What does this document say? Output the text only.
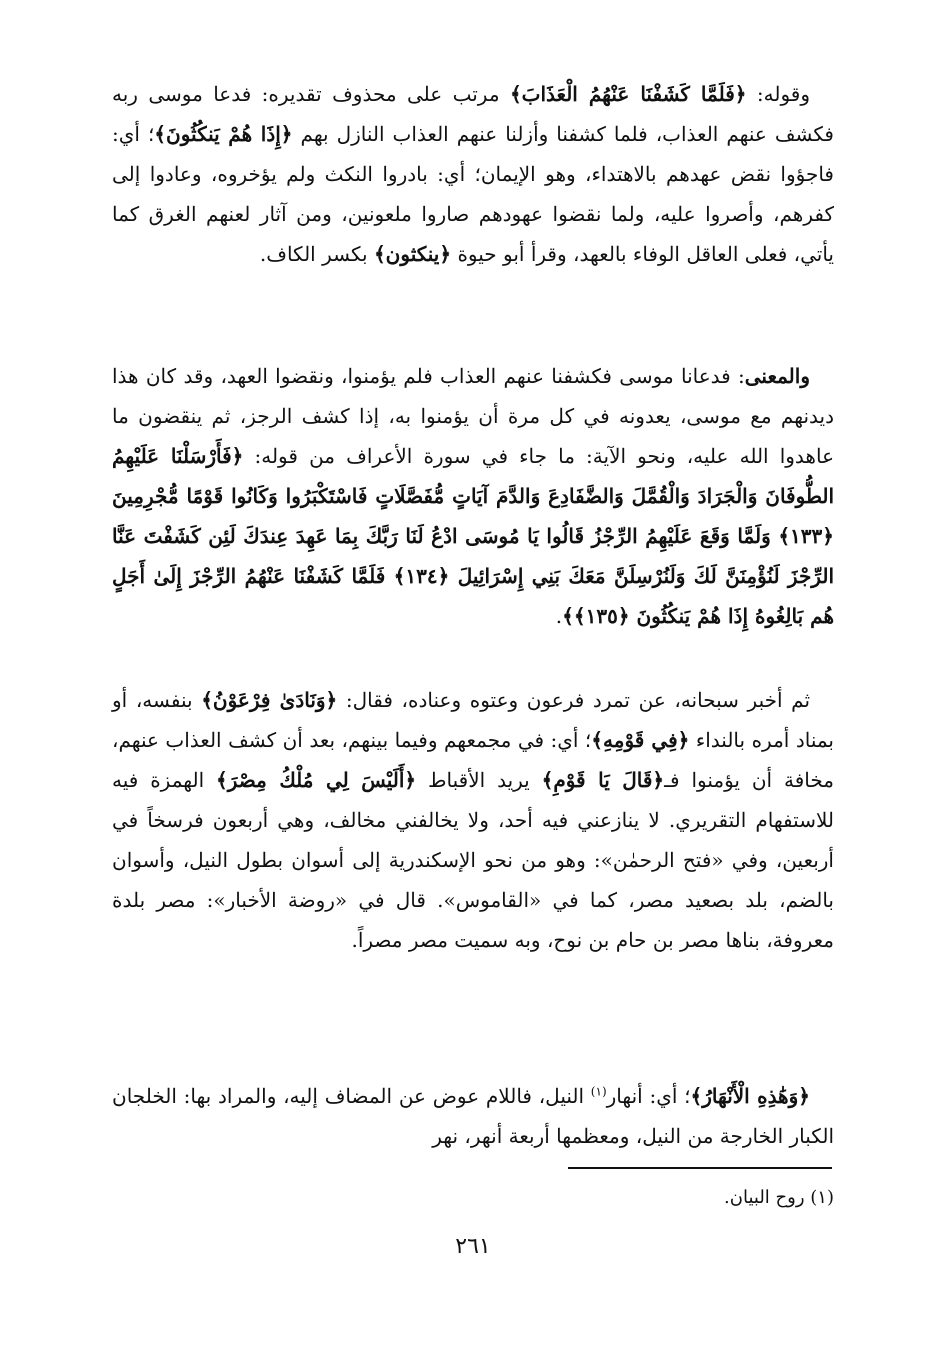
وقوله: ﴿فَلَمَّا كَشَفْنَا عَنْهُمُ الْعَذَابَ﴾ مرتب على محذوف تقديره: فدعا موسى ربه فكشف عنهم العذاب، فلما كشفنا وأزلنا عنهم العذاب النازل بهم ﴿إِذَا هُمْ يَنكُثُونَ﴾؛ أي: فاجؤوا نقض عهدهم بالاهتداء، وهو الإيمان؛ أي: بادروا النكث ولم يؤخروه، وعادوا إلى كفرهم، وأصروا عليه، ولما نقضوا عهودهم صاروا ملعونين، ومن آثار لعنهم الغرق كما يأتي، فعلى العاقل الوفاء بالعهد، وقرأ أبو حيوة ﴿ينكثون﴾ بكسر الكاف.

والمعنى: فدعانا موسى فكشفنا عنهم العذاب فلم يؤمنوا، ونقضوا العهد، وقد كان هذا ديدنهم مع موسى، يعدونه في كل مرة أن يؤمنوا به، إذا كشف الرجز، ثم ينقضون ما عاهدوا الله عليه، ونحو الآية: ما جاء في سورة الأعراف من قوله: ﴿فَأَرْسَلْنَا عَلَيْهِمُ الطُّوفَانَ وَالْجَرَادَ وَالْقُمَّلَ وَالضَّفَادِعَ وَالدَّمَ آيَاتٍ مُّفَصَّلَاتٍ فَاسْتَكْبَرُوا وَكَانُوا قَوْمًا مُّجْرِمِينَ ﴿١٣٣﴾ وَلَمَّا وَقَعَ عَلَيْهِمُ الرِّجْزُ قَالُوا يَا مُوسَى ادْعُ لَنَا رَبَّكَ بِمَا عَهِدَ عِندَكَ لَئِن كَشَفْتَ عَنَّا الرِّجْزَ لَنُؤْمِنَنَّ لَكَ وَلَنُرْسِلَنَّ مَعَكَ بَنِي إِسْرَائِيلَ ﴿١٣٤﴾ فَلَمَّا كَشَفْنَا عَنْهُمُ الرِّجْزَ إِلَىٰ أَجَلٍ هُم بَالِغُوهُ إِذَا هُمْ يَنكُثُونَ ﴿١٣٥﴾﴾.

ثم أخبر سبحانه، عن تمرد فرعون وعتوه وعناده، فقال: ﴿وَنَادَىٰ فِرْعَوْنُ﴾ بنفسه، أو بمناد أمره بالنداء ﴿فِي قَوْمِهِ﴾؛ أي: في مجمعهم وفيما بينهم، بعد أن كشف العذاب عنهم، مخافة أن يؤمنوا فـ﴿قَالَ يَا قَوْمِ﴾ يريد الأقباط ﴿أَلَيْسَ لِي مُلْكُ مِصْرَ﴾ الهمزة فيه للاستفهام التقريري. لا ينازعني فيه أحد، ولا يخالفني مخالف، وهي أربعون فرسخاً في أربعين، وفي «فتح الرحمٰن»: وهو من نحو الإسكندرية إلى أسوان بطول النيل، وأسوان بالضم، بلد بصعيد مصر، كما في «القاموس». قال في «روضة الأخبار»: مصر بلدة معروفة، بناها مصر بن حام بن نوح، وبه سميت مصر مصراً.

﴿وَهَٰذِهِ الْأَنْهَارُ﴾؛ أي: أنهار$^{(١)}$ النيل، فاللام عوض عن المضاف إليه، والمراد بها: الخلجان الكبار الخارجة من النيل، ومعظمها أربعة أنهر، نهر

(١) روح البيان.
٢٦١
